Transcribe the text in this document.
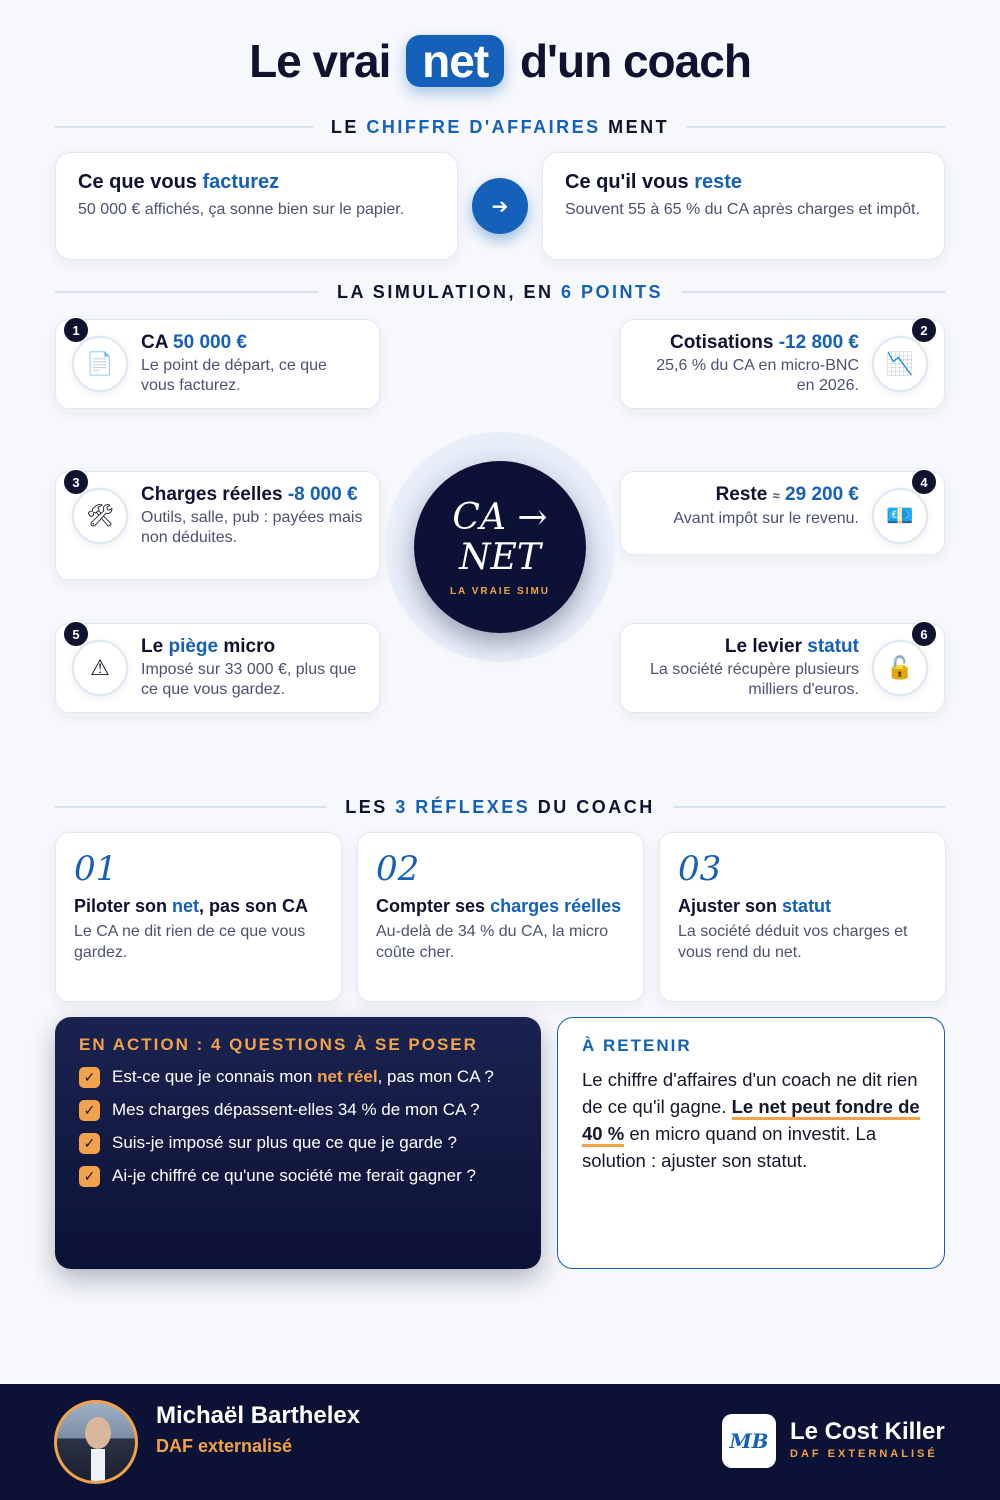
Le vrai net d'un coach
LE CHIFFRE D'AFFAIRES MENT
Ce que vous facturez

50 000 € affichés, ça sonne bien sur le papier.	➔
Ce qu'il vous reste

Souvent 55 à 65 % du CA après charges et impôt.

LA SIMULATION, EN 6 POINTS
📄
1
CA 50 000 €

Le point de départ, ce que vous facturez.

📉
2
Cotisations -12 800 €

25,6 % du CA en micro-BNC en 2026.

🛠
3
Charges réelles -8 000 €

Outils, salle, pub : payées mais non déduites.

💶
4
Reste ≈ 29 200 €

Avant impôt sur le revenu.

CA →
NET
LA VRAIE SIMU
⚠
5
Le piège micro

Imposé sur 33 000 €, plus que ce que vous gardez.

🔓
6
Le levier statut

La société récupère plusieurs milliers d'euros.

LES 3 RÉFLEXES DU COACH
01
Piloter son net, pas son CA

Le CA ne dit rien de ce que vous gardez.

02
Compter ses charges réelles

Au-delà de 34 % du CA, la micro coûte cher.

03
Ajuster son statut

La société déduit vos charges et vous rend du net.

EN ACTION : 4 QUESTIONS À SE POSER
✓ Est-ce que je connais mon net réel, pas mon CA ?
✓ Mes charges dépassent-elles 34 % de mon CA ?
✓ Suis-je imposé sur plus que ce que je garde ?
✓ Ai-je chiffré ce qu'une société me ferait gagner ?
À RETENIR
Le chiffre d'affaires d'un coach ne dit rien de ce qu'il gagne. Le net peut fondre de 40 % en micro quand on investit. La solution : ajuster son statut.
Michaël Barthelex
DAF externalisé	MB Le Cost Killer
DAF EXTERNALISÉ
